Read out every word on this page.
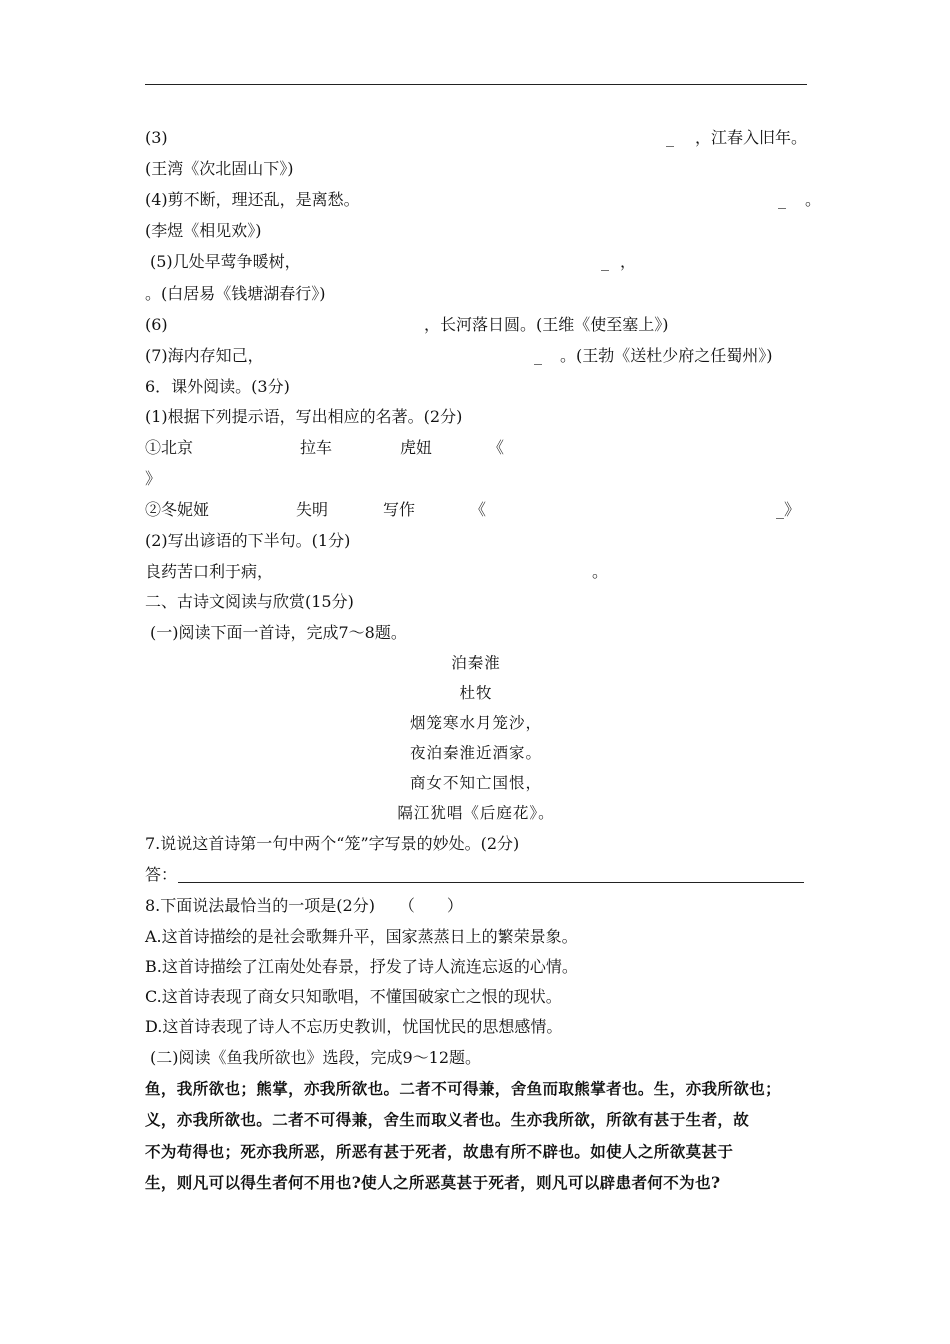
(3)	_ ，江春入旧年。
(王湾《次北固山下》)
(4)剪不断，理还乱，是离愁。	_ 。
(李煜《相见欢》)
(5)几处早莺争暖树，	_ ，
。(白居易《钱塘湖春行》)
(6)	，长河落日圆。(王维《使至塞上》)
(7)海内存知己，	_ 。(王勃《送杜少府之任蜀州》)
6．课外阅读。(3分)
(1)根据下列提示语，写出相应的名著。(2分)
①北京	拉车	虎妞	《
》
②冬妮娅	失明	写作	《	_》
(2)写出谚语的下半句。(1分)
良药苦口利于病，	。
二、古诗文阅读与欣赏(15分)
(一)阅读下面一首诗，完成7～8题。
泊秦淮
杜牧
烟笼寒水月笼沙，
夜泊秦淮近酒家。
商女不知亡国恨，
隔江犹唱《后庭花》。
7.说说这首诗第一句中两个“笼”字写景的妙处。(2分)
答：
8.下面说法最恰当的一项是(2分)　　（　　）
A.这首诗描绘的是社会歌舞升平，国家蒸蒸日上的繁荣景象。
B.这首诗描绘了江南处处春景，抒发了诗人流连忘返的心情。
C.这首诗表现了商女只知歌唱，不懂国破家亡之恨的现状。
D.这首诗表现了诗人不忘历史教训，忧国忧民的思想感情。
(二)阅读《鱼我所欲也》选段，完成9～12题。
鱼，我所欲也；熊掌，亦我所欲也。二者不可得兼，舍鱼而取熊掌者也。生，亦我所欲也；
义，亦我所欲也。二者不可得兼，舍生而取义者也。生亦我所欲，所欲有甚于生者，故
不为苟得也；死亦我所恶，所恶有甚于死者，故患有所不辟也。如使人之所欲莫甚于
生，则凡可以得生者何不用也?使人之所恶莫甚于死者，则凡可以辟患者何不为也?
